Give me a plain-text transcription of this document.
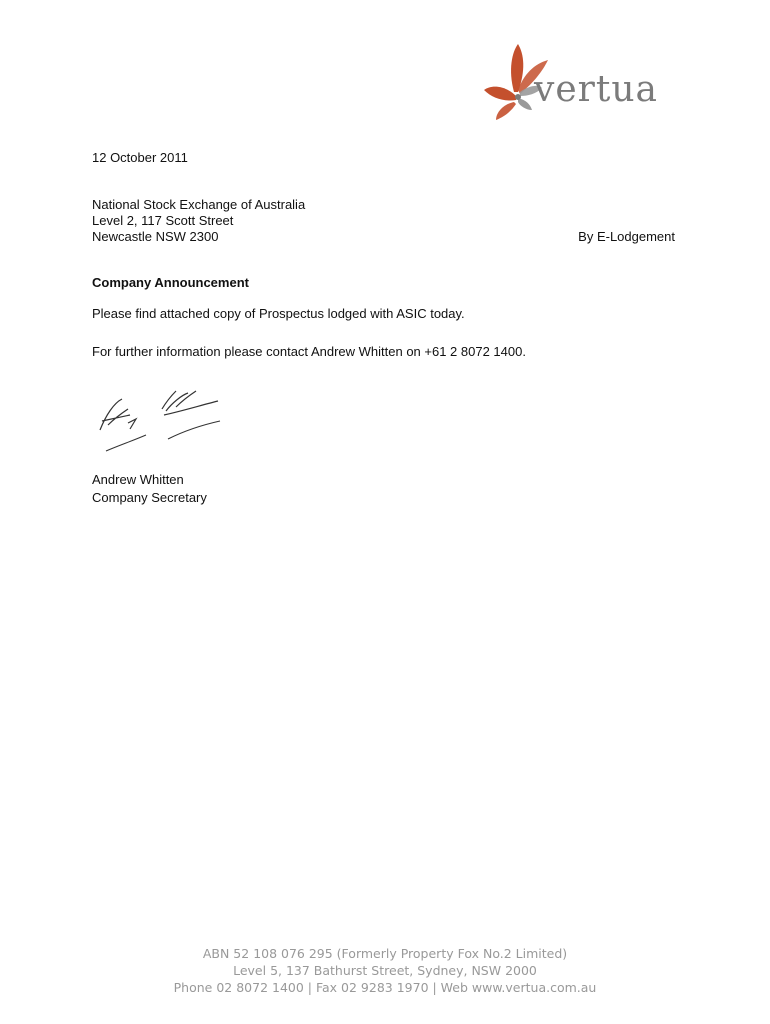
vertua
12 October 2011
National Stock Exchange of Australia
Level 2, 117 Scott Street
Newcastle NSW 2300	By E-Lodgement
Company Announcement
Please find attached copy of Prospectus lodged with ASIC today.
For further information please contact Andrew Whitten on +61 2 8072 1400.
Andrew Whitten
Company Secretary
ABN 52 108 076 295 (Formerly Property Fox No.2 Limited)
Level 5, 137 Bathurst Street, Sydney, NSW 2000
Phone 02 8072 1400 | Fax 02 9283 1970 | Web www.vertua.com.au
